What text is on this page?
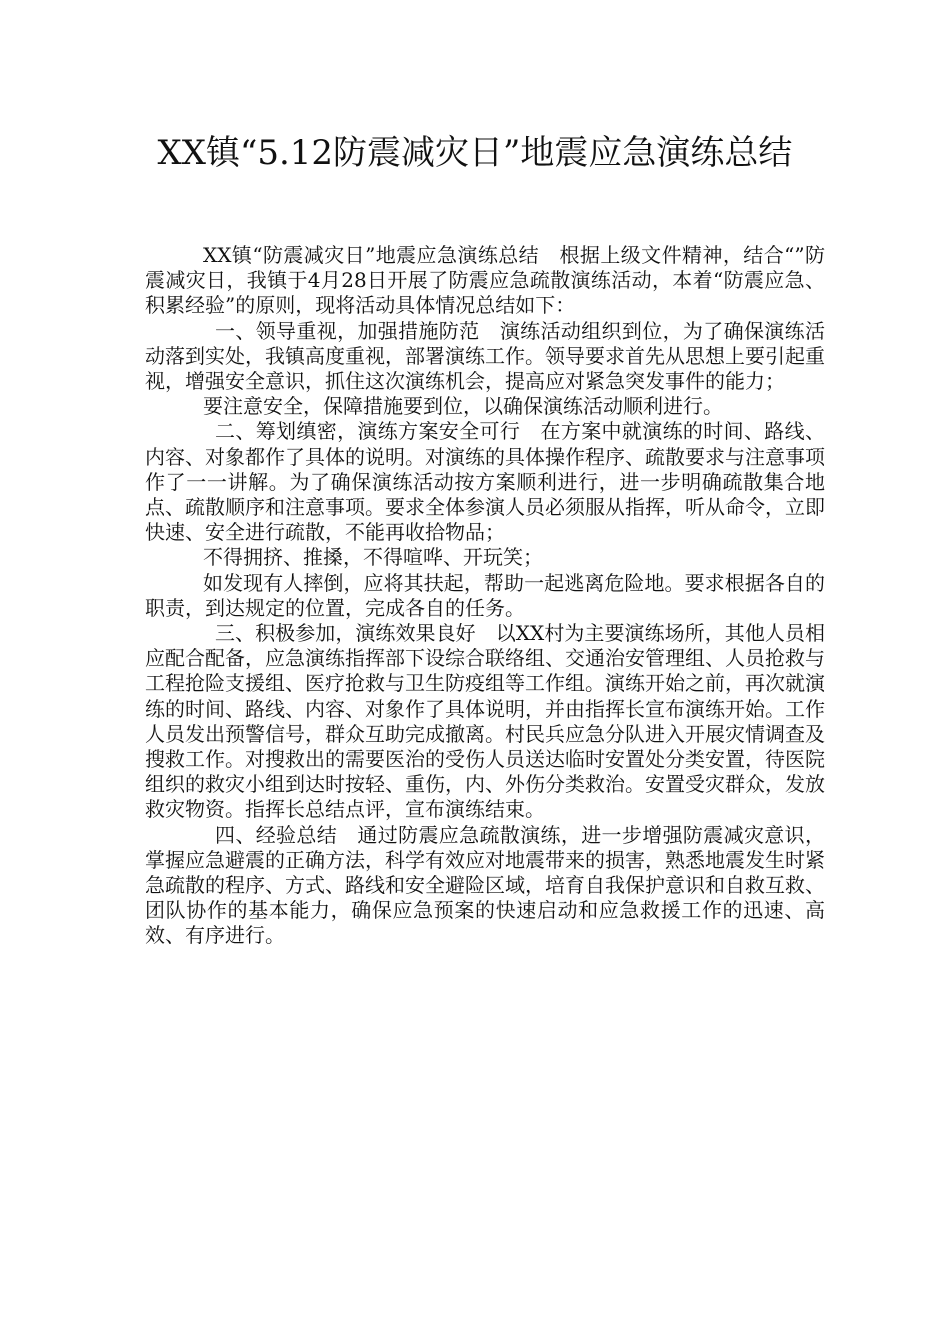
XX镇“5.12防震减灾日”地震应急演练总结

XX镇“防震减灾日”地震应急演练总结　根据上级文件精神，结合“”防震减灾日，我镇于4月28日开展了防震应急疏散演练活动，本着“防震应急、积累经验”的原则，现将活动具体情况总结如下：

一、领导重视，加强措施防范　演练活动组织到位，为了确保演练活动落到实处，我镇高度重视，部署演练工作。领导要求首先从思想上要引起重视，增强安全意识，抓住这次演练机会，提高应对紧急突发事件的能力；

要注意安全，保障措施要到位，以确保演练活动顺利进行。

二、筹划缜密，演练方案安全可行　在方案中就演练的时间、路线、内容、对象都作了具体的说明。对演练的具体操作程序、疏散要求与注意事项作了一一讲解。为了确保演练活动按方案顺利进行，进一步明确疏散集合地点、疏散顺序和注意事项。要求全体参演人员必须服从指挥，听从命令，立即快速、安全进行疏散，不能再收拾物品；

不得拥挤、推搡，不得喧哗、开玩笑；

如发现有人摔倒，应将其扶起，帮助一起逃离危险地。要求根据各自的职责，到达规定的位置，完成各自的任务。

三、积极参加，演练效果良好　以XX村为主要演练场所，其他人员相应配合配备，应急演练指挥部下设综合联络组、交通治安管理组、人员抢救与工程抢险支援组、医疗抢救与卫生防疫组等工作组。演练开始之前，再次就演练的时间、路线、内容、对象作了具体说明，并由指挥长宣布演练开始。工作人员发出预警信号，群众互助完成撤离。村民兵应急分队进入开展灾情调查及搜救工作。对搜救出的需要医治的受伤人员送达临时安置处分类安置，待医院组织的救灾小组到达时按轻、重伤，内、外伤分类救治。安置受灾群众，发放救灾物资。指挥长总结点评，宣布演练结束。

四、经验总结　通过防震应急疏散演练，进一步增强防震减灾意识，掌握应急避震的正确方法，科学有效应对地震带来的损害，熟悉地震发生时紧急疏散的程序、方式、路线和安全避险区域，培育自我保护意识和自救互救、团队协作的基本能力，确保应急预案的快速启动和应急救援工作的迅速、高效、有序进行。
